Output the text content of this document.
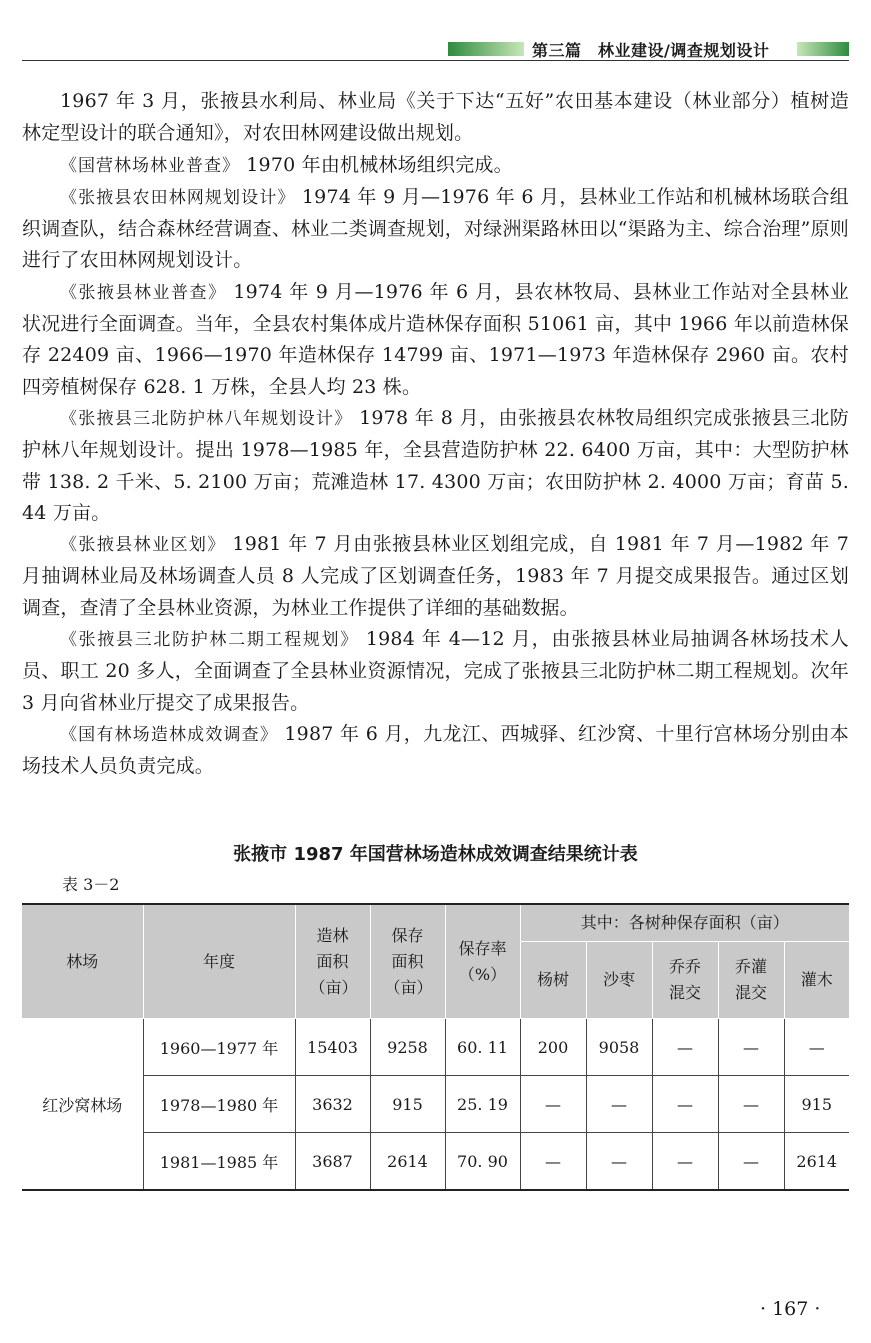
第三篇　林业建设/调查规划设计

1967 年 3 月，张掖县水利局、林业局《关于下达“五好”农田基本建设（林业部分）植树造林定型设计的联合通知》，对农田林网建设做出规划。

《国营林场林业普查》 1970 年由机械林场组织完成。

《张掖县农田林网规划设计》 1974 年 9 月—1976 年 6 月，县林业工作站和机械林场联合组织调查队，结合森林经营调查、林业二类调查规划，对绿洲渠路林田以“渠路为主、综合治理”原则进行了农田林网规划设计。

《张掖县林业普查》 1974 年 9 月—1976 年 6 月，县农林牧局、县林业工作站对全县林业状况进行全面调查。当年，全县农村集体成片造林保存面积 51061 亩，其中 1966 年以前造林保存 22409 亩、1966—1970 年造林保存 14799 亩、1971—1973 年造林保存 2960 亩。农村四旁植树保存 628. 1 万株，全县人均 23 株。

《张掖县三北防护林八年规划设计》 1978 年 8 月，由张掖县农林牧局组织完成张掖县三北防护林八年规划设计。提出 1978—1985 年，全县营造防护林 22. 6400 万亩，其中：大型防护林带 138. 2 千米、5. 2100 万亩；荒滩造林 17. 4300 万亩；农田防护林 2. 4000 万亩；育苗 5. 44 万亩。

《张掖县林业区划》 1981 年 7 月由张掖县林业区划组完成，自 1981 年 7 月—1982 年 7 月抽调林业局及林场调查人员 8 人完成了区划调查任务，1983 年 7 月提交成果报告。通过区划调查，查清了全县林业资源，为林业工作提供了详细的基础数据。

《张掖县三北防护林二期工程规划》 1984 年 4—12 月，由张掖县林业局抽调各林场技术人员、职工 20 多人，全面调查了全县林业资源情况，完成了张掖县三北防护林二期工程规划。次年 3 月向省林业厅提交了成果报告。

《国有林场造林成效调查》 1987 年 6 月，九龙江、西城驿、红沙窝、十里行宫林场分别由本场技术人员负责完成。

张掖市 1987 年国营林场造林成效调查结果统计表
表 3－2
林场	年度	造林面积（亩）	保存面积（亩）	保存率（%）	其中：各树种保存面积（亩）				
					杨树	沙枣	乔乔混交	乔灌混交	灌木
红沙窝林场	1960—1977 年	15403	9258	60. 11	200	9058	—	—	—
	1978—1980 年	3632	915	25. 19	—	—	—	—	915
	1981—1985 年	3687	2614	70. 90	—	—	—	—	2614
· 167 ·
